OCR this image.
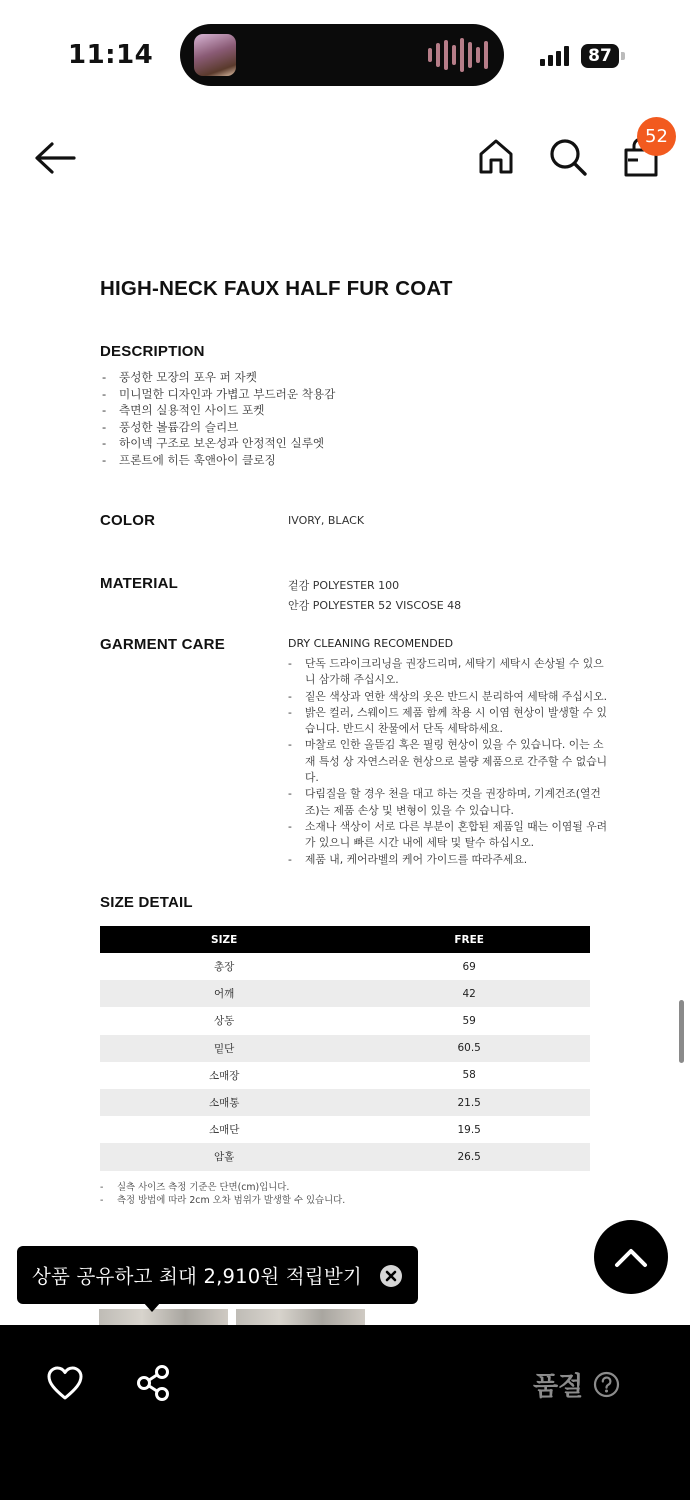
11:14	87
52
HIGH-NECK FAUX HALF FUR COAT
DESCRIPTION
- 풍성한 모장의 포우 퍼 자켓
- 미니멀한 디자인과 가볍고 부드러운 착용감
- 측면의 실용적인 사이드 포켓
- 풍성한 볼륨감의 슬리브
- 하이넥 구조로 보온성과 안정적인 실루엣
- 프론트에 히든 훅앤아이 클로징
COLOR	IVORY, BLACK
MATERIAL	겉감 POLYESTER 100
안감 POLYESTER 52 VISCOSE 48
GARMENT CARE	DRY CLEANING RECOMENDED
-	단독 드라이크리닝을 권장드리며, 세탁기 세탁시 손상될 수 있으니 삼가해 주십시오.
-	짙은 색상과 연한 색상의 옷은 반드시 분리하여 세탁해 주십시오.
-	밝은 컬러, 스웨이드 제품 함께 착용 시 이염 현상이 발생할 수 있습니다. 반드시 찬물에서 단독 세탁하세요.
-	마찰로 인한 올뜯김 혹은 필링 현상이 있을 수 있습니다. 이는 소재 특성 상 자연스러운 현상으로 불량 제품으로 간주할 수 없습니다.
-	다림질을 할 경우 천을 대고 하는 것을 권장하며, 기계건조(열건조)는 제품 손상 및 변형이 있을 수 있습니다.
-	소재나 색상이 서로 다른 부분이 혼합된 제품일 때는 이염될 우려가 있으니 빠른 시간 내에 세탁 및 탈수 하십시오.
-	제품 내, 케어라벨의 케어 가이드를 따라주세요.
SIZE DETAIL
SIZE	FREE
총장	69
어깨	42
상동	59
밑단	60.5
소매장	58
소매통	21.5
소매단	19.5
암홀	26.5
- 실측 사이즈 측정 기준은 단면(cm)입니다.
- 측정 방법에 따라 2cm 오차 범위가 발생할 수 있습니다.
상품 공유하고 최대 2,910원 적립받기
품절
